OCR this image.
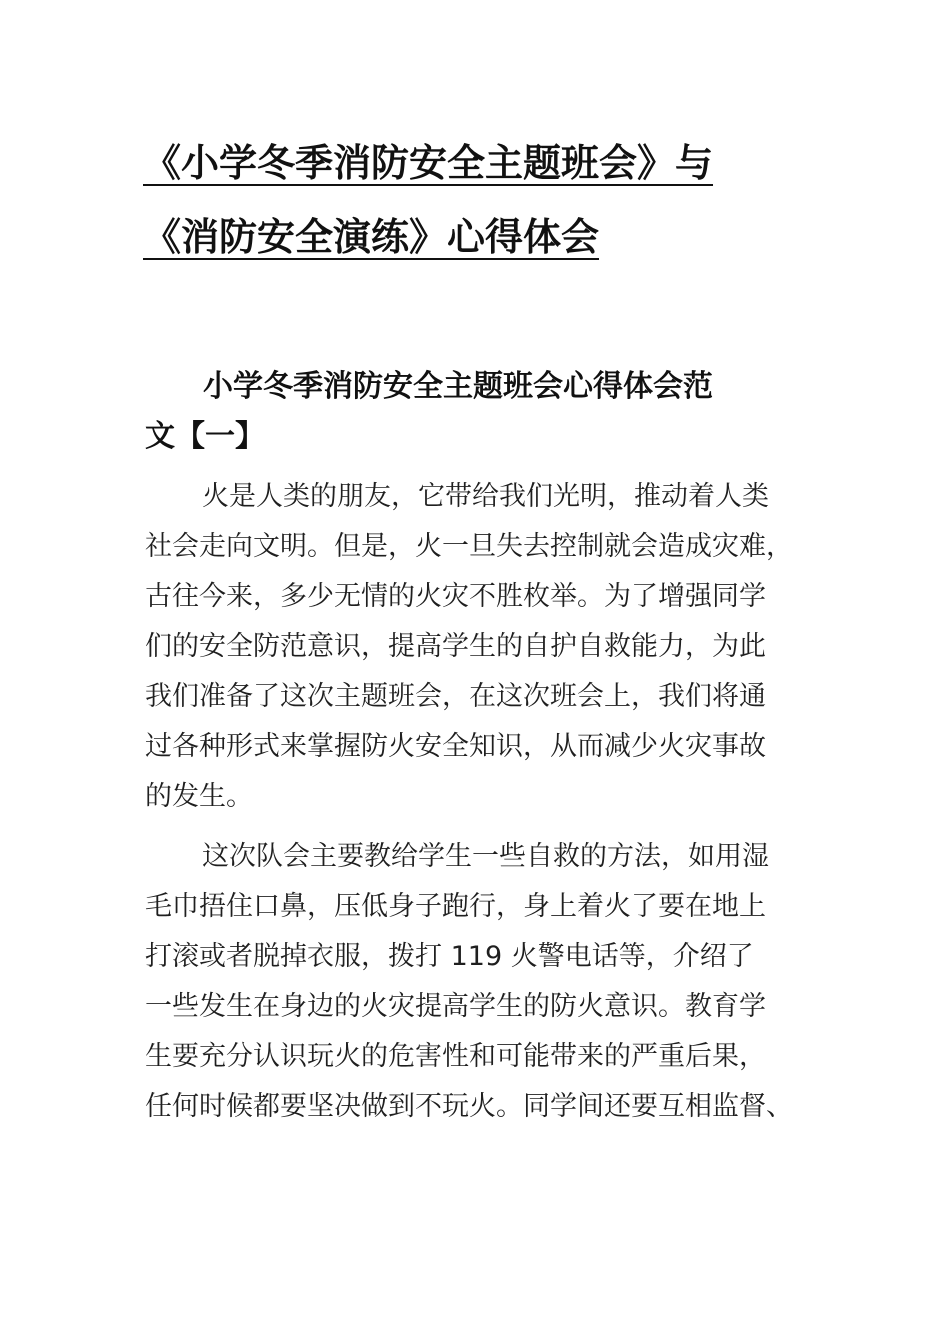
《小学冬季消防安全主题班会》与
《消防安全演练》心得体会
小学冬季消防安全主题班会心得体会范
文【一】
火是人类的朋友，它带给我们光明，推动着人类
社会走向文明。但是，火一旦失去控制就会造成灾难，
古往今来，多少无情的火灾不胜枚举。为了增强同学
们的安全防范意识，提高学生的自护自救能力，为此
我们准备了这次主题班会，在这次班会上，我们将通
过各种形式来掌握防火安全知识，从而减少火灾事故
的发生。
这次队会主要教给学生一些自救的方法，如用湿
毛巾捂住口鼻，压低身子跑行，身上着火了要在地上
打滚或者脱掉衣服，拨打 119 火警电话等，介绍了
一些发生在身边的火灾提高学生的防火意识。教育学
生要充分认识玩火的危害性和可能带来的严重后果，
任何时候都要坚决做到不玩火。同学间还要互相监督、
